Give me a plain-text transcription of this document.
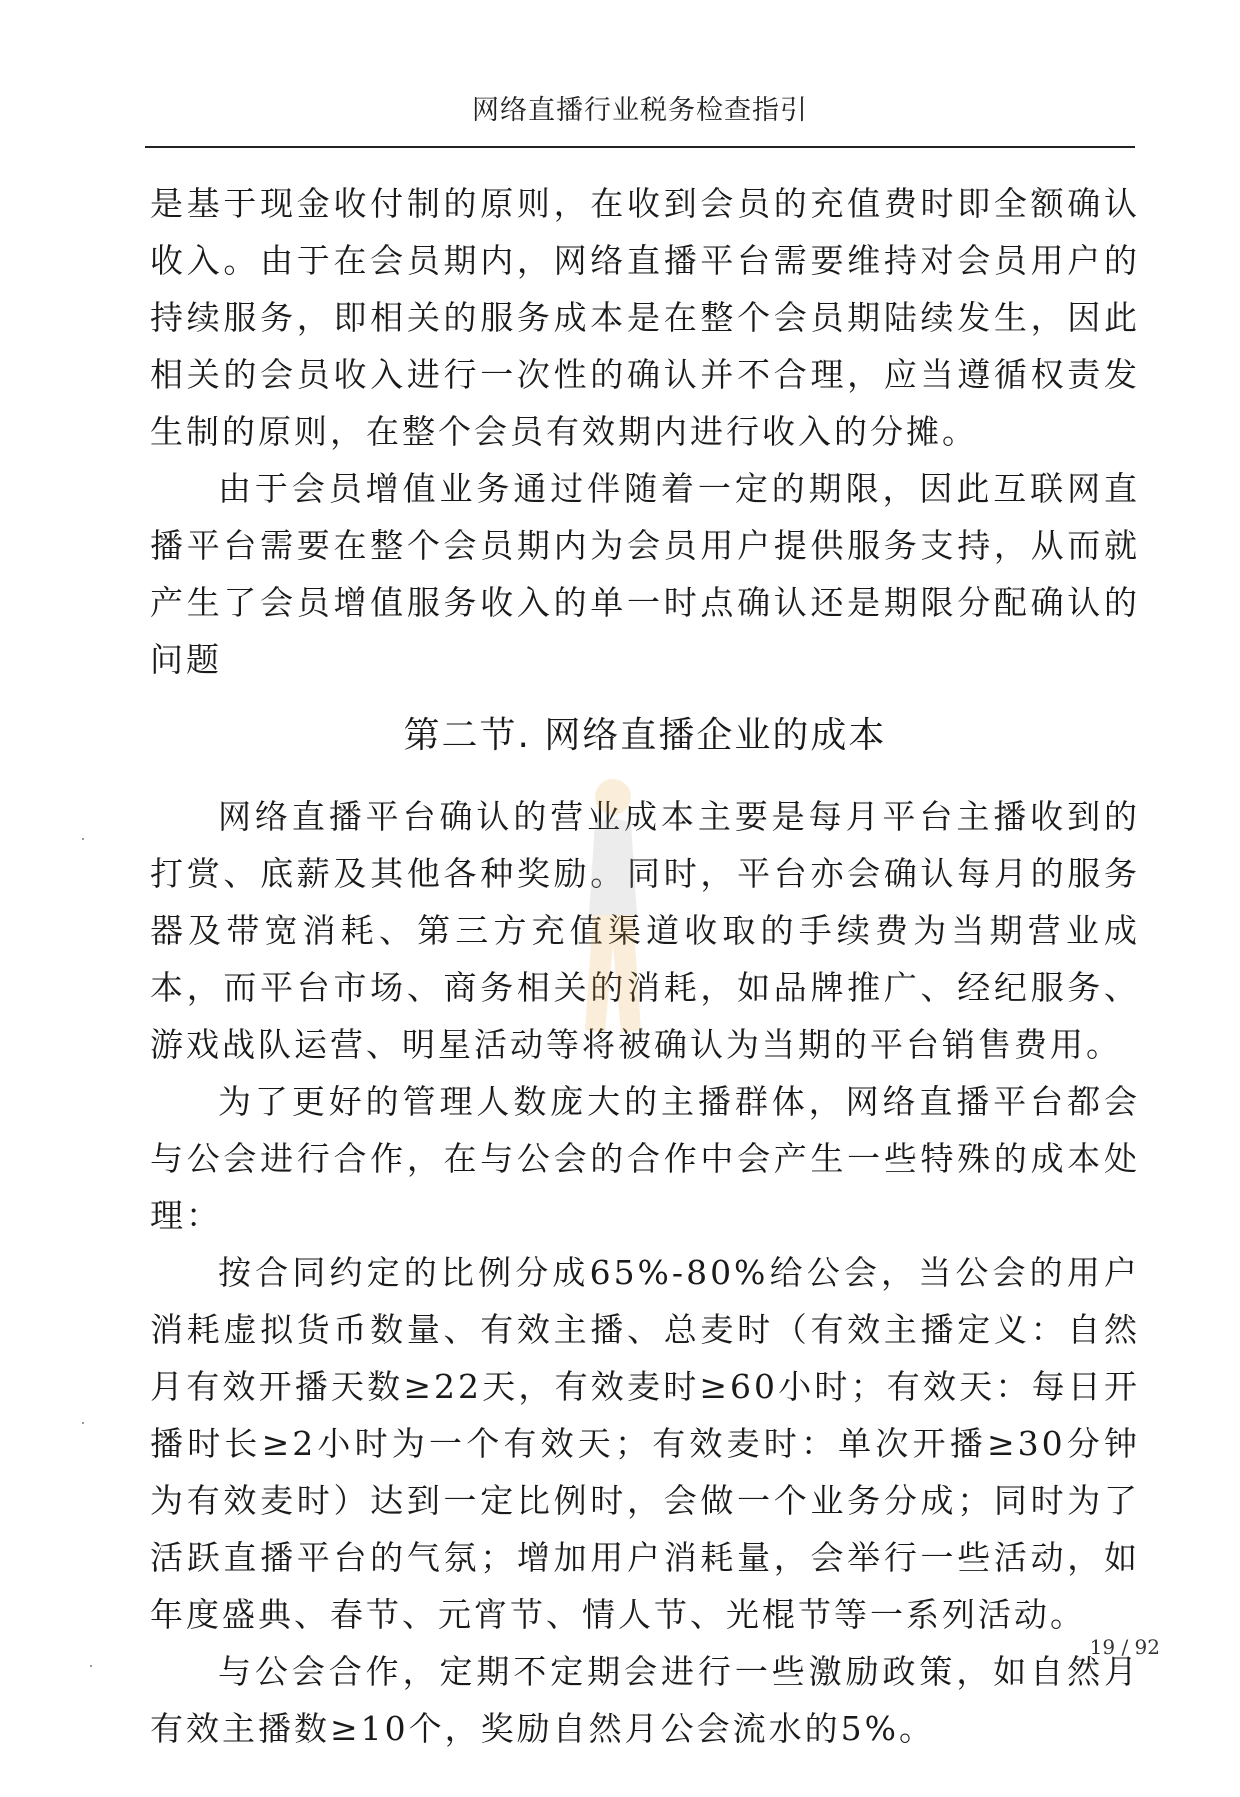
网络直播行业税务检查指引

是基于现金收付制的原则，在收到会员的充值费时即全额确认收入。由于在会员期内，网络直播平台需要维持对会员用户的持续服务，即相关的服务成本是在整个会员期陆续发生，因此相关的会员收入进行一次性的确认并不合理，应当遵循权责发生制的原则，在整个会员有效期内进行收入的分摊。

由于会员增值业务通过伴随着一定的期限，因此互联网直播平台需要在整个会员期内为会员用户提供服务支持，从而就产生了会员增值服务收入的单一时点确认还是期限分配确认的问题

第二节. 网络直播企业的成本

网络直播平台确认的营业成本主要是每月平台主播收到的打赏、底薪及其他各种奖励。同时，平台亦会确认每月的服务器及带宽消耗、第三方充值渠道收取的手续费为当期营业成本，而平台市场、商务相关的消耗，如品牌推广、经纪服务、游戏战队运营、明星活动等将被确认为当期的平台销售费用。

为了更好的管理人数庞大的主播群体，网络直播平台都会与公会进行合作，在与公会的合作中会产生一些特殊的成本处理：

按合同约定的比例分成65%-80%给公会，当公会的用户消耗虚拟货币数量、有效主播、总麦时（有效主播定义：自然月有效开播天数≥22天，有效麦时≥60小时；有效天：每日开播时长≥2小时为一个有效天；有效麦时：单次开播≥30分钟为有效麦时）达到一定比例时，会做一个业务分成；同时为了活跃直播平台的气氛；增加用户消耗量，会举行一些活动，如年度盛典、春节、元宵节、情人节、光棍节等一系列活动。

与公会合作，定期不定期会进行一些激励政策，如自然月有效主播数≥10个，奖励自然月公会流水的5%。

19 / 92
